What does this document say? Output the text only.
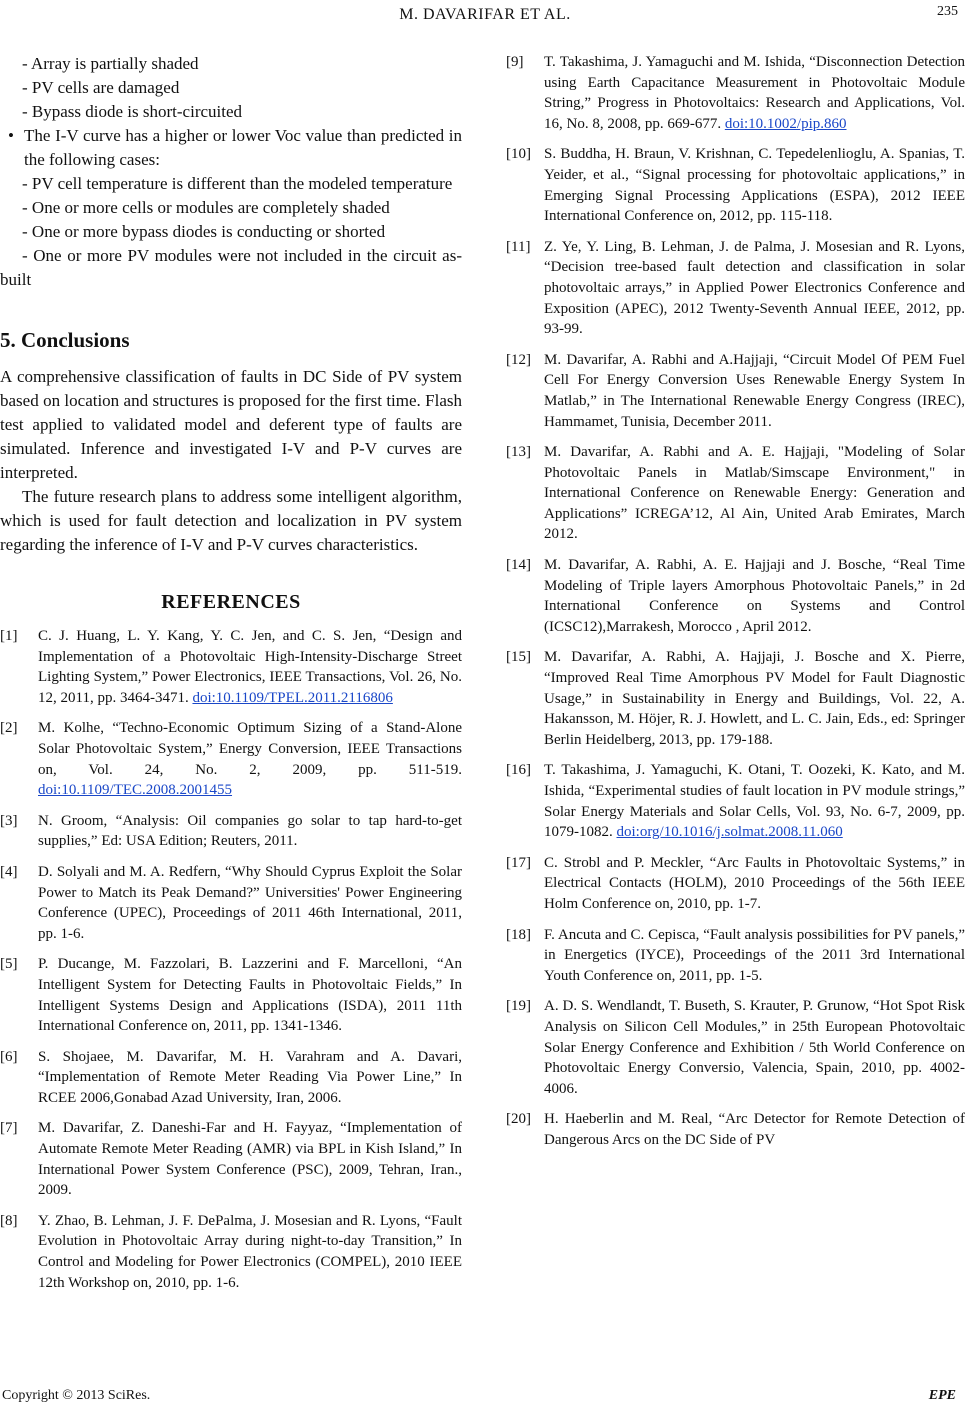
M. DAVARIFAR ET AL.	235

- Array is partially shaded

- PV cells are damaged

- Bypass diode is short-circuited

• The I-V curve has a higher or lower Voc value than predicted in the following cases:

- PV cell temperature is different than the modeled temperature

- One or more cells or modules are completely shaded

- One or more bypass diodes is conducting or shorted

- One or more PV modules were not included in the circuit as-built

5. Conclusions

A comprehensive classification of faults in DC Side of PV system based on location and structures is proposed for the first time. Flash test applied to validated model and deferent type of faults are simulated. Inference and investigated I-V and P-V curves are interpreted.

The future research plans to address some intelligent algorithm, which is used for fault detection and localization in PV system regarding the inference of I-V and P-V curves characteristics.

REFERENCES
[1]	C. J. Huang, L. Y. Kang, Y. C. Jen, and C. S. Jen, “Design and Implementation of a Photovoltaic High-Intensity-Discharge Street Lighting System,” Power Electronics, IEEE Transactions, Vol. 26, No. 12, 2011, pp. 3464-3471. doi:10.1109/TPEL.2011.2116806
[2]	M. Kolhe, “Techno-Economic Optimum Sizing of a Stand-Alone Solar Photovoltaic System,” Energy Conversion, IEEE Transactions on, Vol. 24, No. 2, 2009, pp. 511-519. doi:10.1109/TEC.2008.2001455
[3]	N. Groom, “Analysis: Oil companies go solar to tap hard-to-get supplies,” Ed: USA Edition; Reuters, 2011.
[4]	D. Solyali and M. A. Redfern, “Why Should Cyprus Exploit the Solar Power to Match its Peak Demand?” Universities' Power Engineering Conference (UPEC), Proceedings of 2011 46th International, 2011, pp. 1-6.
[5]	P. Ducange, M. Fazzolari, B. Lazzerini and F. Marcelloni, “An Intelligent System for Detecting Faults in Photovoltaic Fields,” In Intelligent Systems Design and Applications (ISDA), 2011 11th International Conference on, 2011, pp. 1341-1346.
[6]	S. Shojaee, M. Davarifar, M. H. Varahram and A. Davari, “Implementation of Remote Meter Reading Via Power Line,” In RCEE 2006,Gonabad Azad University, Iran, 2006.
[7]	M. Davarifar, Z. Daneshi-Far and H. Fayyaz, “Implementation of Automate Remote Meter Reading (AMR) via BPL in Kish Island,” In International Power System Conference (PSC), 2009, Tehran, Iran., 2009.
[8]	Y. Zhao, B. Lehman, J. F. DePalma, J. Mosesian and R. Lyons, “Fault Evolution in Photovoltaic Array during night-to-day Transition,” In Control and Modeling for Power Electronics (COMPEL), 2010 IEEE 12th Workshop on, 2010, pp. 1-6.
[9]	T. Takashima, J. Yamaguchi and M. Ishida, “Disconnection Detection using Earth Capacitance Measurement in Photovoltaic Module String,” Progress in Photovoltaics: Research and Applications, Vol. 16, No. 8, 2008, pp. 669-677. doi:10.1002/pip.860
[10] S. Buddha, H. Braun, V. Krishnan, C. Tepedelenlioglu, A. Spanias, T. Yeider, et al., “Signal processing for photovoltaic applications,” in Emerging Signal Processing Applications (ESPA), 2012 IEEE International Conference on, 2012, pp. 115-118.
[11] Z. Ye, Y. Ling, B. Lehman, J. de Palma, J. Mosesian and R. Lyons, “Decision tree-based fault detection and classification in solar photovoltaic arrays,” in Applied Power Electronics Conference and Exposition (APEC), 2012 Twenty-Seventh Annual IEEE, 2012, pp. 93-99.
[12] M. Davarifar, A. Rabhi and A.Hajjaji, “Circuit Model Of PEM Fuel Cell For Energy Conversion Uses Renewable Energy System In Matlab,” in The International Renewable Energy Congress (IREC), Hammamet, Tunisia, December 2011.
[13] M. Davarifar, A. Rabhi and A. E. Hajjaji, "Modeling of Solar Photovoltaic Panels in Matlab/Simscape Environment," in International Conference on Renewable Energy: Generation and Applications” ICREGA’12, Al Ain, United Arab Emirates, March 2012.
[14] M. Davarifar, A. Rabhi, A. E. Hajjaji and J. Bosche, “Real Time Modeling of Triple layers Amorphous Photovoltaic Panels,” in 2d International Conference on Systems and Control (ICSC12),Marrakesh, Morocco , April 2012.
[15] M. Davarifar, A. Rabhi, A. Hajjaji, J. Bosche and X. Pierre, “Improved Real Time Amorphous PV Model for Fault Diagnostic Usage,” in Sustainability in Energy and Buildings, Vol. 22, A. Hakansson, M. Höjer, R. J. Howlett, and L. C. Jain, Eds., ed: Springer Berlin Heidelberg, 2013, pp. 179-188.
[16] T. Takashima, J. Yamaguchi, K. Otani, T. Oozeki, K. Kato, and M. Ishida, “Experimental studies of fault location in PV module strings,” Solar Energy Materials and Solar Cells, Vol. 93, No. 6-7, 2009, pp. 1079-1082. doi:org/10.1016/j.solmat.2008.11.060
[17] C. Strobl and P. Meckler, “Arc Faults in Photovoltaic Systems,” in Electrical Contacts (HOLM), 2010 Proceedings of the 56th IEEE Holm Conference on, 2010, pp. 1-7.
[18] F. Ancuta and C. Cepisca, “Fault analysis possibilities for PV panels,” in Energetics (IYCE), Proceedings of the 2011 3rd International Youth Conference on, 2011, pp. 1-5.
[19] A. D. S. Wendlandt, T. Buseth, S. Krauter, P. Grunow, “Hot Spot Risk Analysis on Silicon Cell Modules,” in 25th European Photovoltaic Solar Energy Conference and Exhibition / 5th World Conference on Photovoltaic Energy Conversio, Valencia, Spain, 2010, pp. 4002-4006.
[20] H. Haeberlin and M. Real, “Arc Detector for Remote Detection of Dangerous Arcs on the DC Side of PV
Copyright © 2013 SciRes.	EPE
